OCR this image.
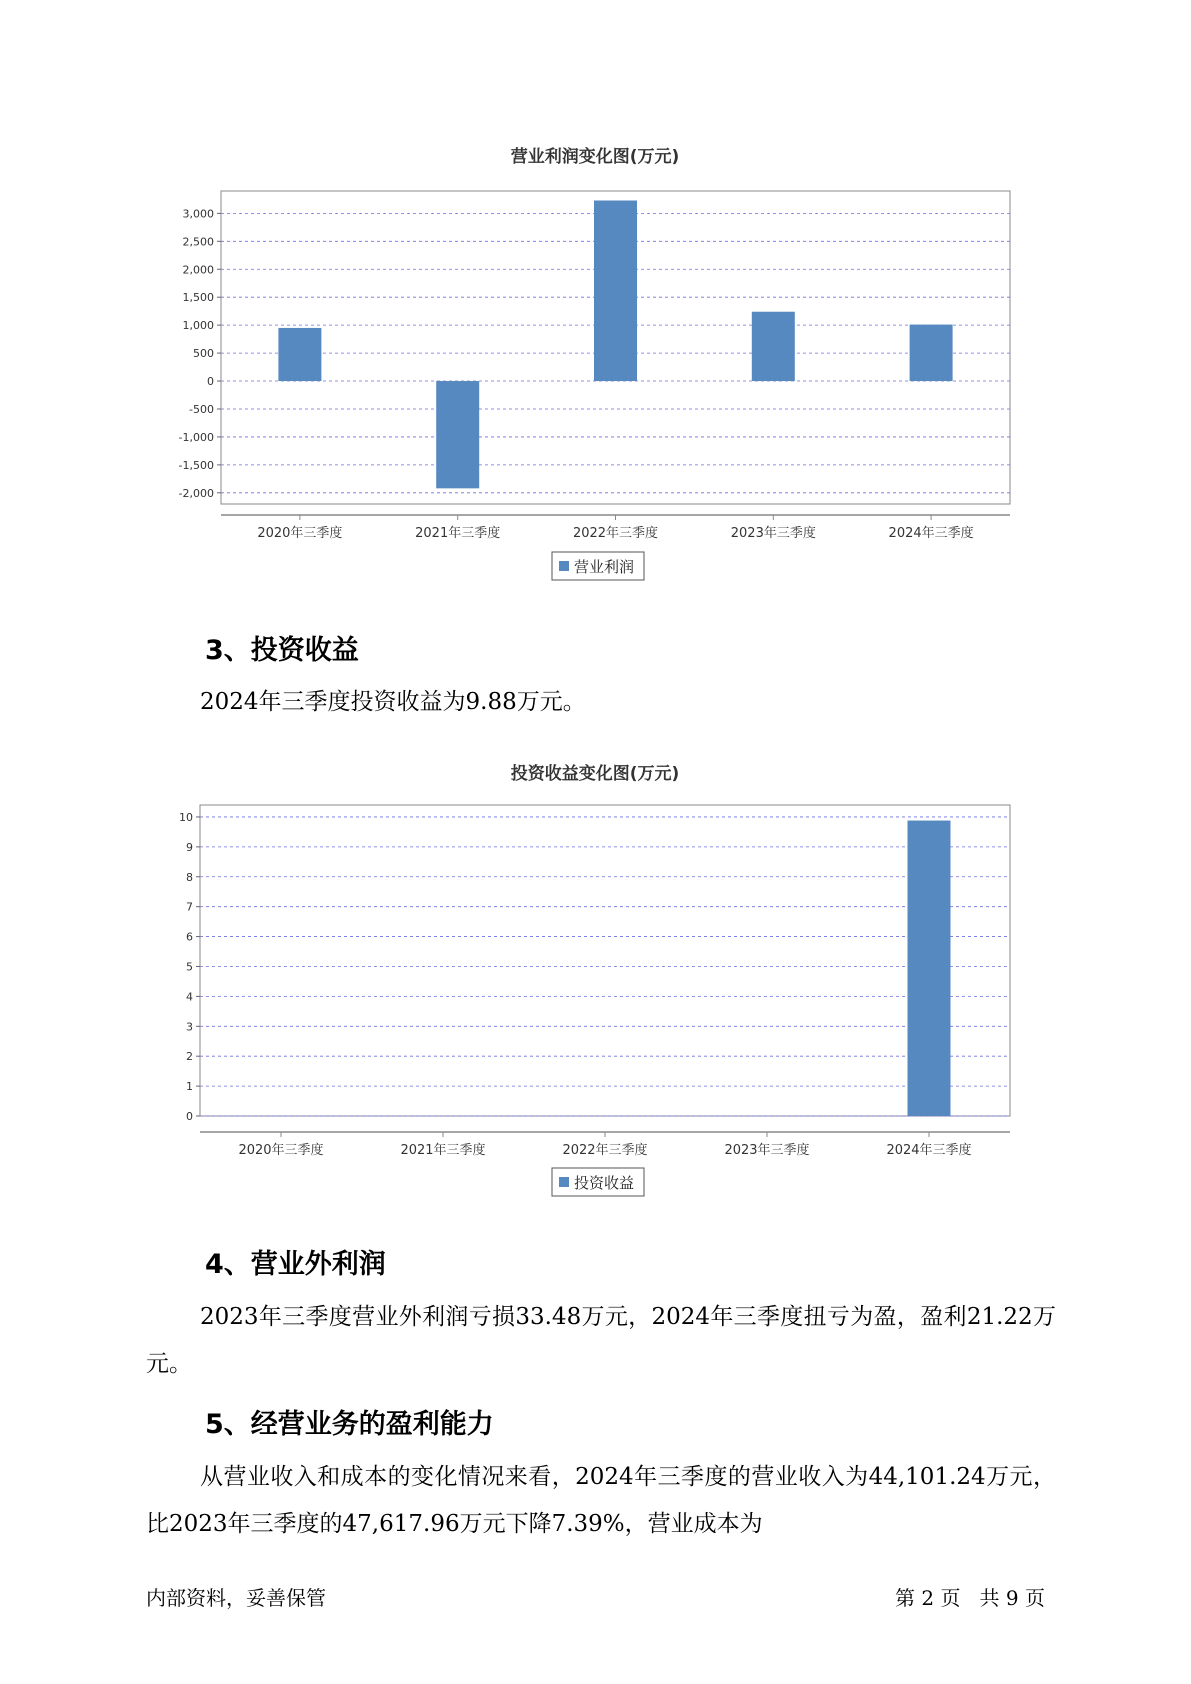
营业利润变化图(万元)
3,000
2,500
2,000
1,500
1,000
500
0
-500
-1,000
-1,500
-2,000
2020年三季度	2021年三季度	2022年三季度	2023年三季度	2024年三季度
营业利润
3、投资收益

2024年三季度投资收益为9.88万元。

投资收益变化图(万元)
10
9
8
7
6
5
4
3
2
1
0
2020年三季度	2021年三季度	2022年三季度	2023年三季度	2024年三季度
投资收益
4、营业外利润

2023年三季度营业外利润亏损33.48万元，2024年三季度扭亏为盈，盈利21.22万元。

5、经营业务的盈利能力

从营业收入和成本的变化情况来看，2024年三季度的营业收入为44,101.24万元，比2023年三季度的47,617.96万元下降7.39%，营业成本为

内部资料，妥善保管	第 2 页   共 9 页
